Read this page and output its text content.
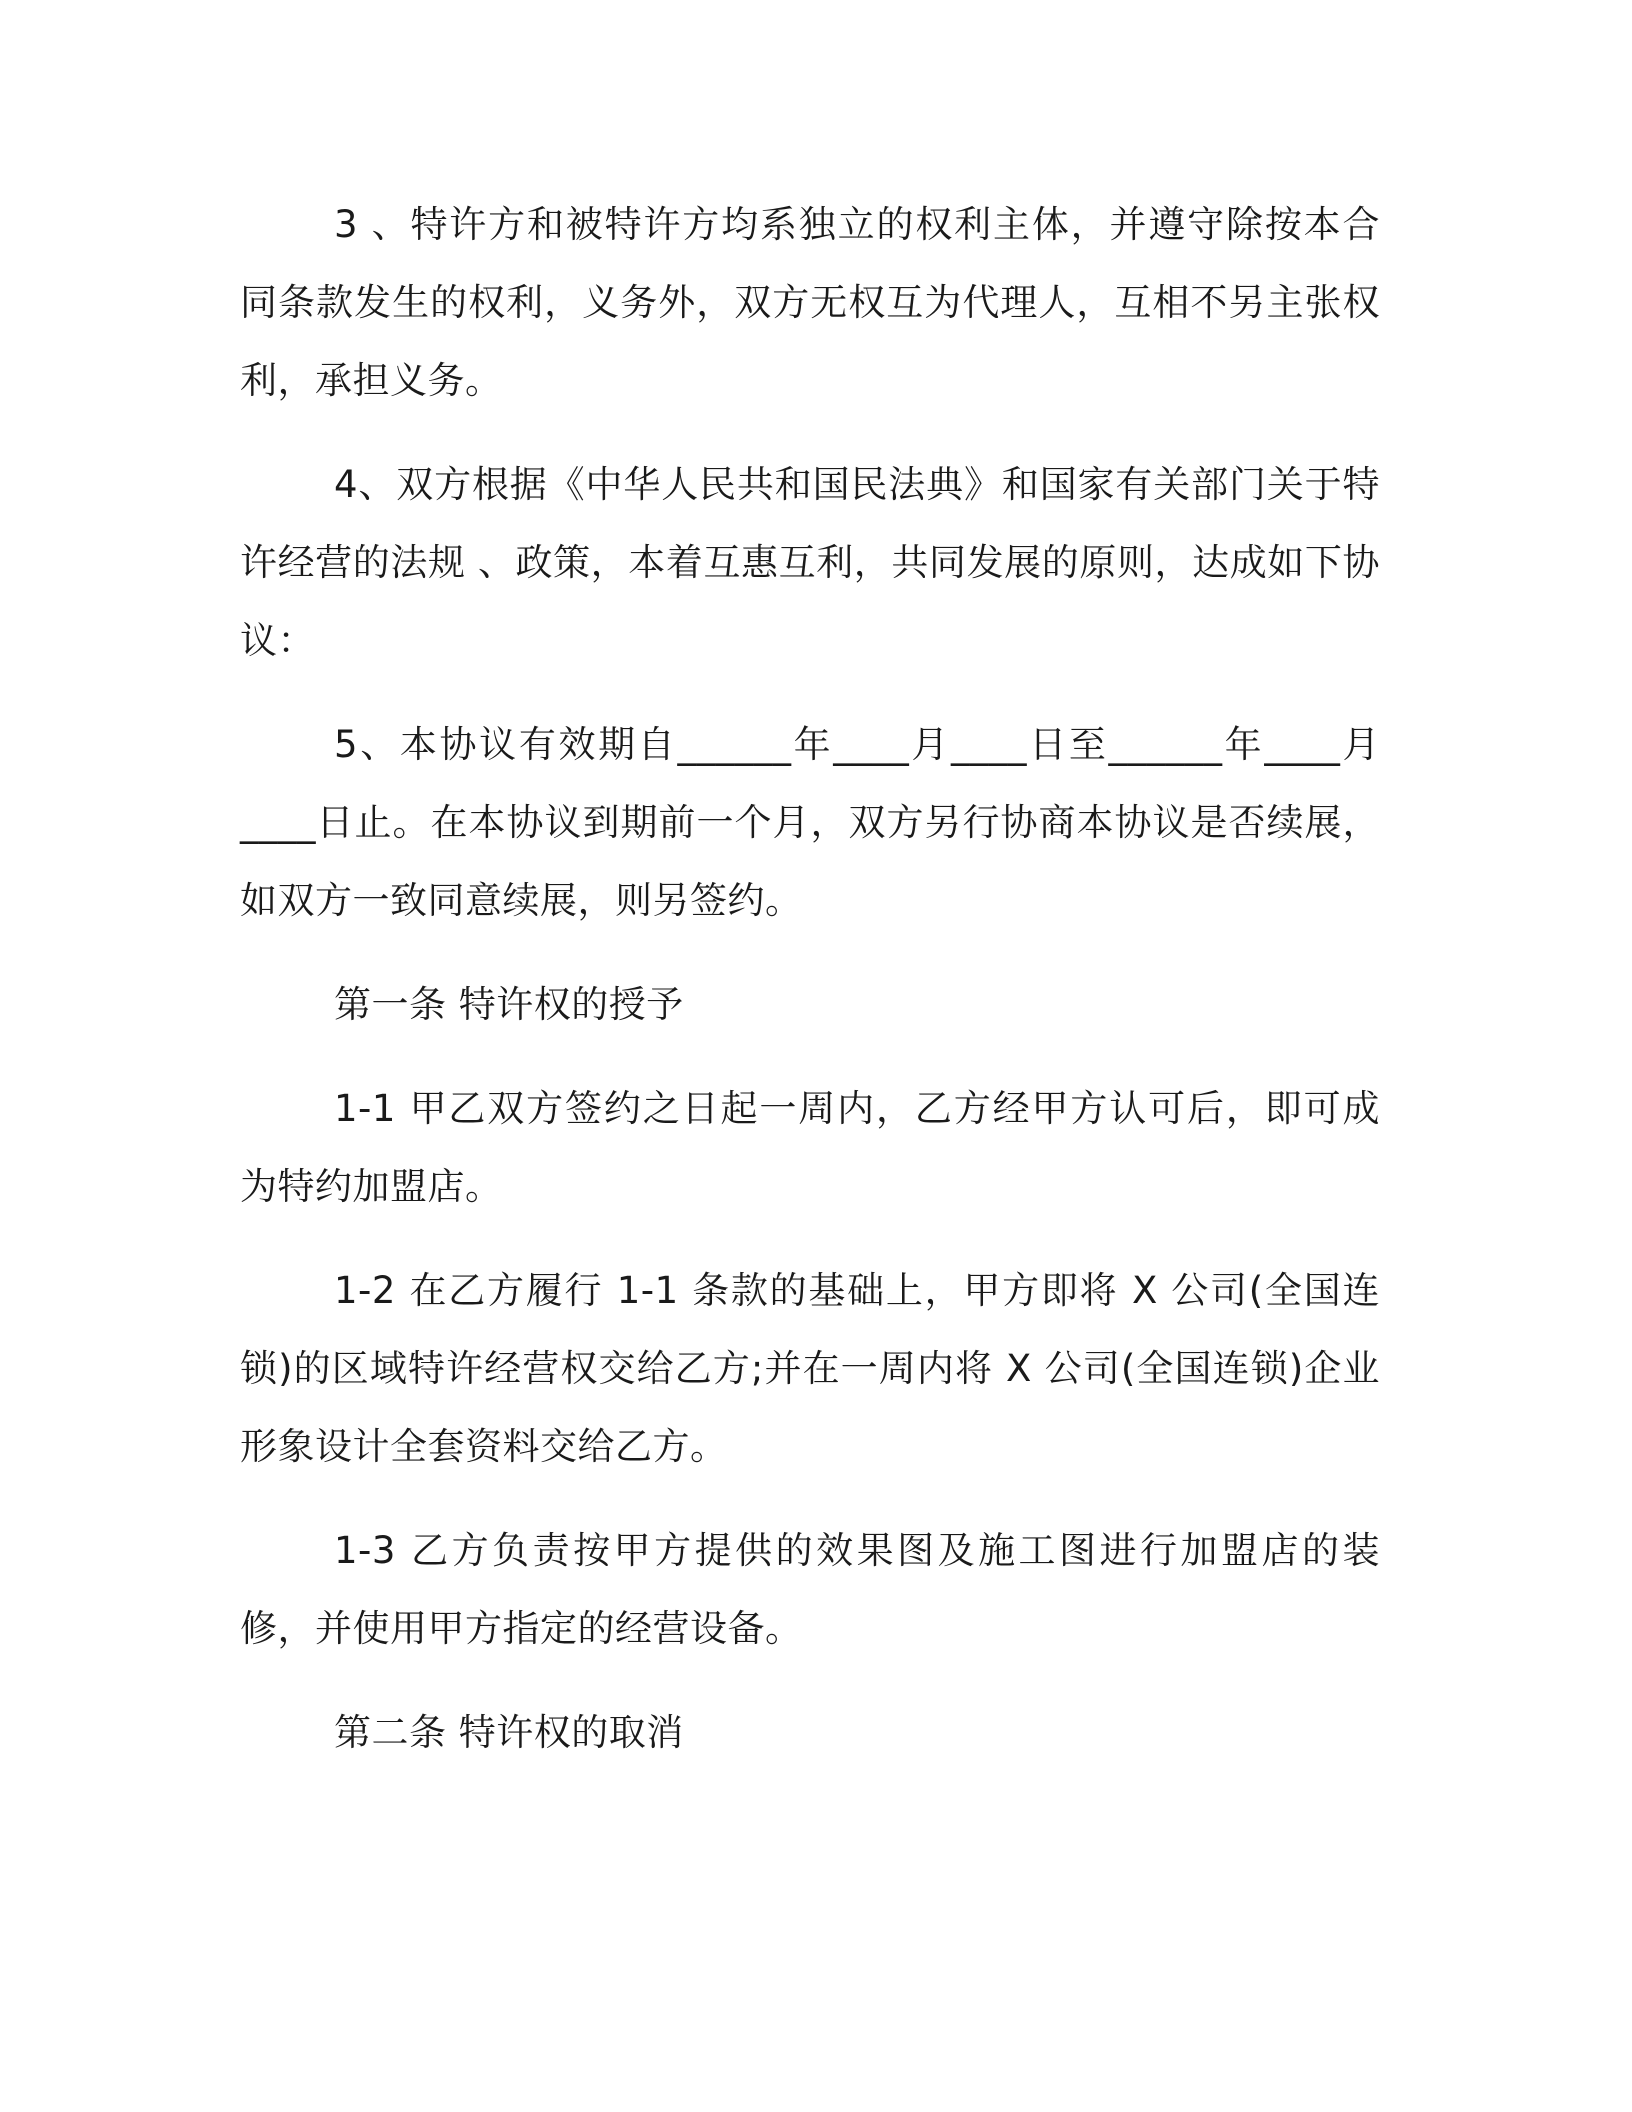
3 、特许方和被特许方均系独立的权利主体，并遵守除按本合同条款发生的权利，义务外，双方无权互为代理人，互相不另主张权利，承担义务。

4、双方根据《中华人民共和国民法典》和国家有关部门关于特许经营的法规 、政策，本着互惠互利，共同发展的原则，达成如下协议：

5、本协议有效期自______年____月____日至______年____月____日止。在本协议到期前一个月，双方另行协商本协议是否续展，如双方一致同意续展，则另签约。

第一条 特许权的授予

1-1 甲乙双方签约之日起一周内，乙方经甲方认可后，即可成为特约加盟店。

1-2 在乙方履行 1-1 条款的基础上，甲方即将 X 公司(全国连锁)的区域特许经营权交给乙方;并在一周内将 X 公司(全国连锁)企业形象设计全套资料交给乙方。

1-3 乙方负责按甲方提供的效果图及施工图进行加盟店的装修，并使用甲方指定的经营设备。

第二条 特许权的取消
